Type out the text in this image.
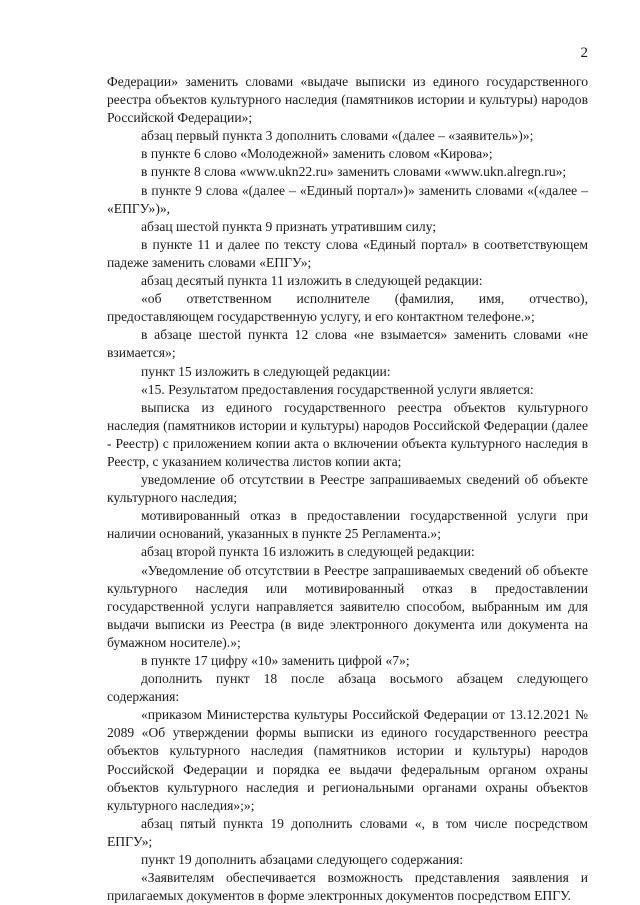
2

Федерации» заменить словами «выдаче выписки из единого государственного реестра объектов культурного наследия (памятников истории и культуры) народов Российской Федерации»;

абзац первый пункта 3 дополнить словами «(далее – «заявитель»)»;

в пункте 6 слово «Молодежной» заменить словом «Кирова»;

в пункте 8 слова «www.ukn22.ru» заменить словами «www.ukn.alregn.ru»;

в пункте 9 слова «(далее – «Единый портал»)» заменить словами «(«далее – «ЕПГУ»)»,

абзац шестой пункта 9 признать утратившим силу;

в пункте 11 и далее по тексту слова «Единый портал» в соответствующем падеже заменить словами «ЕПГУ»;

абзац десятый пункта 11 изложить в следующей редакции:

«об ответственном исполнителе (фамилия, имя, отчество), предоставляющем государственную услугу, и его контактном телефоне.»;

в абзаце шестой пункта 12 слова «не взымается» заменить словами «не взимается»;

пункт 15 изложить в следующей редакции:

«15. Результатом предоставления государственной услуги является:

выписка из единого государственного реестра объектов культурного наследия (памятников истории и культуры) народов Российской Федерации (далее - Реестр) с приложением копии акта о включении объекта культурного наследия в Реестр, с указанием количества листов копии акта;

уведомление об отсутствии в Реестре запрашиваемых сведений об объекте культурного наследия;

мотивированный отказ в предоставлении государственной услуги при наличии оснований, указанных в пункте 25 Регламента.»;

абзац второй пункта 16 изложить в следующей редакции:

«Уведомление об отсутствии в Реестре запрашиваемых сведений об объекте культурного наследия или мотивированный отказ в предоставлении государственной услуги направляется заявителю способом, выбранным им для выдачи выписки из Реестра (в виде электронного документа или документа на бумажном носителе).»;

в пункте 17 цифру «10» заменить цифрой «7»;

дополнить пункт 18 после абзаца восьмого абзацем следующего содержания:

«приказом Министерства культуры Российской Федерации от 13.12.2021 № 2089 «Об утверждении формы выписки из единого государственного реестра объектов культурного наследия (памятников истории и культуры) народов Российской Федерации и порядка ее выдачи федеральным органом охраны объектов культурного наследия и региональными органами охраны объектов культурного наследия»;»;

абзац пятый пункта 19 дополнить словами «, в том числе посредством ЕПГУ»;

пункт 19 дополнить абзацами следующего содержания:

«Заявителям обеспечивается возможность представления заявления и прилагаемых документов в форме электронных документов посредством ЕПГУ.
